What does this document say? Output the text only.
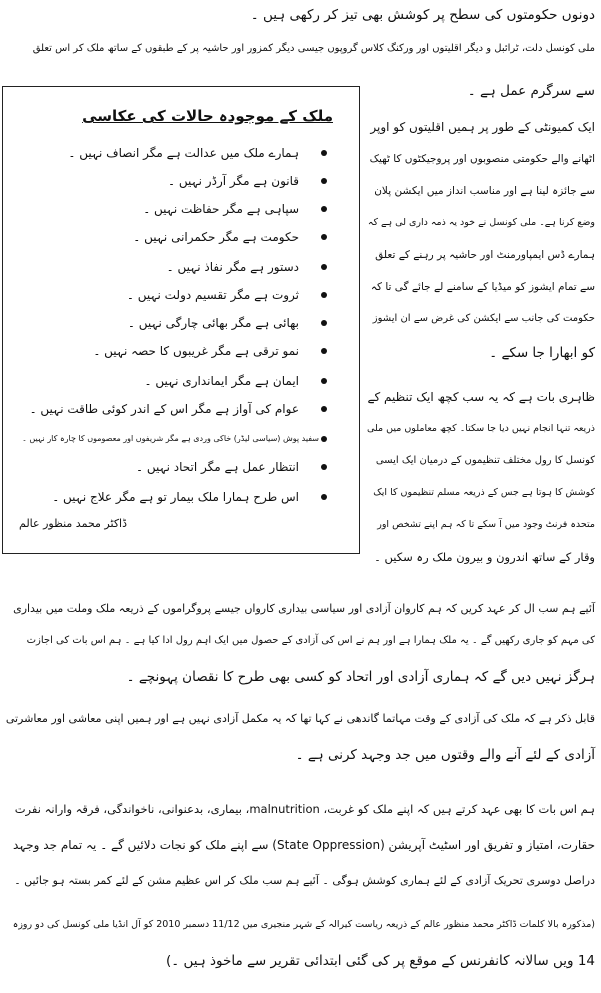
دونوں حکومتوں کی سطح پر کوشش بھی تیز کر رکھی ہیں ۔
ملی کونسل دلت، ٹرائبل و دیگر اقلیتوں اور ورکنگ کلاس گروپوں جیسی دیگر کمزور اور حاشیہ پر کے طبقوں کے ساتھ ملک کر اس تعلق
سے سرگرم عمل ہے ۔
ایک کمیونٹی کے طور پر ہمیں اقلیتوں کو اوپر
اٹھانے والے حکومتی منصوبوں اور پروجیکٹوں کا ٹھیک
سے جائزہ لینا ہے اور مناسب انداز میں ایکشن پلان
وضع کرنا ہے۔ ملی کونسل نے خود یہ ذمہ داری لی ہے کہ
ہمارے ڈس ایمپاورمنٹ اور حاشیہ پر رہنے کے تعلق
سے تمام ایشوز کو میڈیا کے سامنے لے جائے گی تا کہ
حکومت کی جانب سے ایکشن کی غرض سے ان ایشوز
کو ابھارا جا سکے ۔
ظاہری بات ہے کہ یہ سب کچھ ایک تنظیم کے
ذریعہ تنہا انجام نہیں دیا جا سکتا۔ کچھ معاملوں میں ملی
کونسل کا رول مختلف تنظیموں کے درمیان ایک ایسی
کوشش کا ہوتا ہے جس کے ذریعہ مسلم تنظیموں کا ایک
متحدہ فرنٹ وجود میں آ سکے تا کہ ہم اپنے تشخص اور
وقار کے ساتھ اندرون و بیرون ملک رہ سکیں ۔
ملک کے موجودہ حالات کی عکاسی
ہمارے ملک میں عدالت ہے مگر انصاف نہیں ۔
قانون ہے مگر آرڈر نہیں ۔
سپاہی ہے مگر حفاظت نہیں ۔
حکومت ہے مگر حکمرانی نہیں ۔
دستور ہے مگر نفاذ نہیں ۔
ثروت ہے مگر تقسیم دولت نہیں ۔
بھائی ہے مگر بھائی چارگی نہیں ۔
نمو ترقی ہے مگر غریبوں کا حصہ نہیں ۔
ایمان ہے مگر ایمانداری نہیں ۔
عوام کی آواز ہے مگر اس کے اندر کوئی طاقت نہیں ۔
سفید پوش (سیاسی لیڈر) خاکی وردی ہے مگر شریفوں اور معصوموں کا چارہ کار نہیں ۔
انتظار عمل ہے مگر اتحاد نہیں ۔
اس طرح ہمارا ملک بیمار تو ہے مگر علاج نہیں ۔
ڈاکٹر محمد منظور عالم
آئیے ہم سب ال کر عہد کریں کہ ہم کاروان آزادی اور سیاسی بیداری کارواں جیسے پروگراموں کے ذریعہ ملک وملت میں بیداری
کی مہم کو جاری رکھیں گے ۔ یہ ملک ہمارا ہے اور ہم نے اس کی آزادی کے حصول میں ایک اہم رول ادا کیا ہے ۔ ہم اس بات کی اجازت
ہرگز نہیں دیں گے کہ ہماری آزادی اور اتحاد کو کسی بھی طرح کا نقصان پہونچے ۔
قابل ذکر ہے کہ ملک کی آزادی کے وقت مہاتما گاندھی نے کہا تھا کہ یہ مکمل آزادی نہیں ہے اور ہمیں اپنی معاشی اور معاشرتی
آزادی کے لئے آنے والے وقتوں میں جد وجہد کرنی ہے ۔
ہم اس بات کا بھی عہد کرتے ہیں کہ اپنے ملک کو غربت، malnutrition، بیماری، بدعنوانی، ناخواندگی، فرقہ وارانہ نفرت
حقارت، امتیاز و تفریق اور اسٹیٹ آپریشن (State Oppression) سے اپنے ملک کو نجات دلائیں گے ۔ یہ تمام جد وجہد
دراصل دوسری تحریک آزادی کے لئے ہماری کوشش ہوگی ۔ آئیے ہم سب ملک کر اس عظیم مشن کے لئے کمر بستہ ہو جائیں ۔
(مذکورہ بالا کلمات ڈاکٹر محمد منظور عالم کے ذریعہ ریاست کیرالہ کے شہر منجیری میں 11/12 دسمبر 2010 کو آل انڈیا ملی کونسل کی دو روزہ
14 ویں سالانہ کانفرنس کے موقع پر کی گئی ابتدائی تقریر سے ماخوذ ہیں ۔)
